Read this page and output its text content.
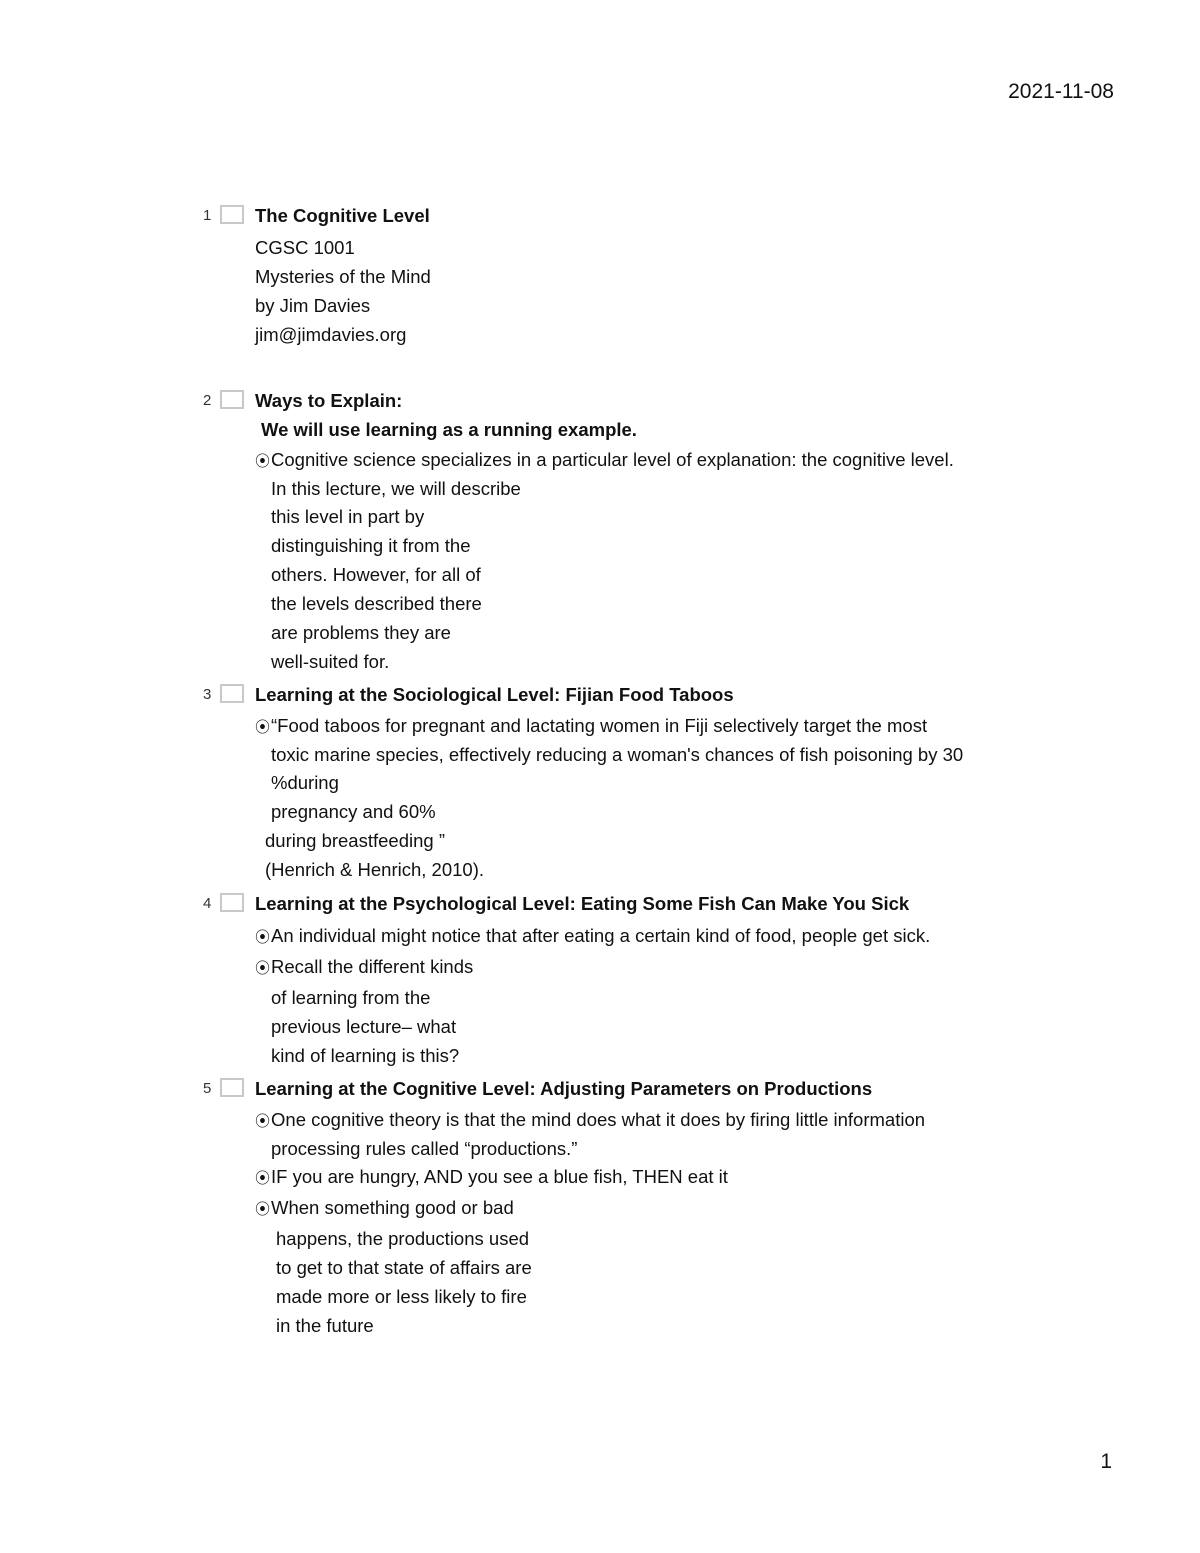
2021-11-08
1 The Cognitive Level
CGSC 1001
Mysteries of the Mind
by Jim Davies
jim@jimdavies.org
2 Ways to Explain:
We will use learning as a running example.
⦿ Cognitive science specializes in a particular level of explanation: the cognitive level.
In this lecture, we will describe
this level in part by
distinguishing it from the
others. However, for all of
the levels described there
are problems they are
well-suited for.
3 Learning at the Sociological Level: Fijian Food Taboos
⦿ “Food taboos for pregnant and lactating women in Fiji selectively target the most
toxic marine species, effectively reducing a woman's chances of fish poisoning by 30
%during
pregnancy and 60%
during breastfeeding ”
(Henrich & Henrich, 2010).
4 Learning at the Psychological Level: Eating Some Fish Can Make You Sick
⦿ An individual might notice that after eating a certain kind of food, people get sick.
⦿ Recall the different kinds
of learning from the
previous lecture– what
kind of learning is this?
5 Learning at the Cognitive Level: Adjusting Parameters on Productions
⦿ One cognitive theory is that the mind does what it does by firing little information
processing rules called “productions.”
⦿ IF you are hungry, AND you see a blue fish, THEN eat it
⦿ When something good or bad
happens, the productions used
to get to that state of affairs are
made more or less likely to fire
in the future
1
